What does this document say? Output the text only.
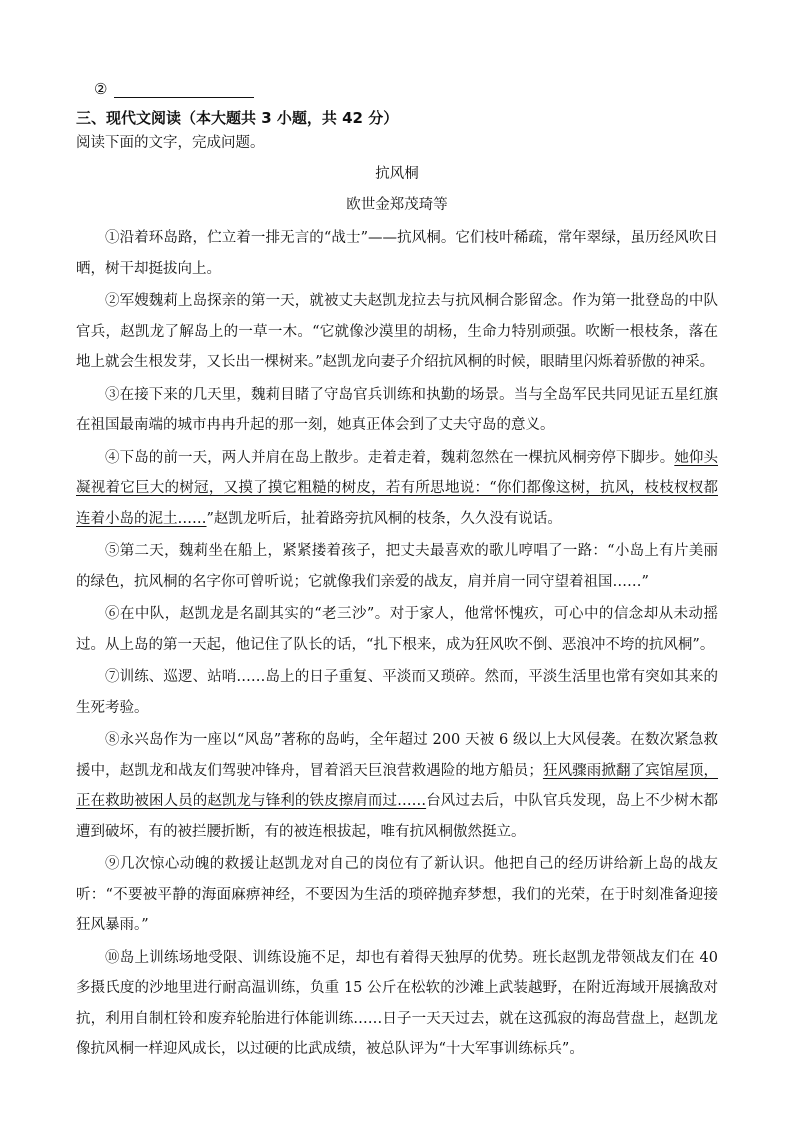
②
三、现代文阅读（本大题共 3 小题，共 42 分）
阅读下面的文字，完成问题。
抗风桐
欧世金郑茂琦等

①沿着环岛路，伫立着一排无言的“战士”——抗风桐。它们枝叶稀疏，常年翠绿，虽历经风吹日晒，树干却挺拔向上。

②军嫂魏莉上岛探亲的第一天，就被丈夫赵凯龙拉去与抗风桐合影留念。作为第一批登岛的中队官兵，赵凯龙了解岛上的一草一木。“它就像沙漠里的胡杨，生命力特别顽强。吹断一根枝条，落在地上就会生根发芽，又长出一棵树来。”赵凯龙向妻子介绍抗风桐的时候，眼睛里闪烁着骄傲的神采。

③在接下来的几天里，魏莉目睹了守岛官兵训练和执勤的场景。当与全岛军民共同见证五星红旗在祖国最南端的城市冉冉升起的那一刻，她真正体会到了丈夫守岛的意义。

④下岛的前一天，两人并肩在岛上散步。走着走着，魏莉忽然在一棵抗风桐旁停下脚步。她仰头凝视着它巨大的树冠，又摸了摸它粗糙的树皮，若有所思地说：“你们都像这树，抗风，枝枝杈杈都连着小岛的泥土……”赵凯龙听后，扯着路旁抗风桐的枝条，久久没有说话。

⑤第二天，魏莉坐在船上，紧紧搂着孩子，把丈夫最喜欢的歌儿哼唱了一路：“小岛上有片美丽的绿色，抗风桐的名字你可曾听说；它就像我们亲爱的战友，肩并肩一同守望着祖国……”

⑥在中队，赵凯龙是名副其实的“老三沙”。对于家人，他常怀愧疚，可心中的信念却从未动摇过。从上岛的第一天起，他记住了队长的话，“扎下根来，成为狂风吹不倒、恶浪冲不垮的抗风桐”。

⑦训练、巡逻、站哨……岛上的日子重复、平淡而又琐碎。然而，平淡生活里也常有突如其来的生死考验。

⑧永兴岛作为一座以“风岛”著称的岛屿，全年超过 200 天被 6 级以上大风侵袭。在数次紧急救援中，赵凯龙和战友们驾驶冲锋舟，冒着滔天巨浪营救遇险的地方船员；狂风骤雨掀翻了宾馆屋顶，正在救助被困人员的赵凯龙与锋利的铁皮擦肩而过……台风过去后，中队官兵发现，岛上不少树木都遭到破坏，有的被拦腰折断，有的被连根拔起，唯有抗风桐傲然挺立。

⑨几次惊心动魄的救援让赵凯龙对自己的岗位有了新认识。他把自己的经历讲给新上岛的战友听：“不要被平静的海面麻痹神经，不要因为生活的琐碎抛弃梦想，我们的光荣，在于时刻准备迎接狂风暴雨。”

⑩岛上训练场地受限、训练设施不足，却也有着得天独厚的优势。班长赵凯龙带领战友们在 40 多摄氏度的沙地里进行耐高温训练，负重 15 公斤在松软的沙滩上武装越野，在附近海域开展擒敌对抗，利用自制杠铃和废弃轮胎进行体能训练……日子一天天过去，就在这孤寂的海岛营盘上，赵凯龙像抗风桐一样迎风成长，以过硬的比武成绩，被总队评为“十大军事训练标兵”。
